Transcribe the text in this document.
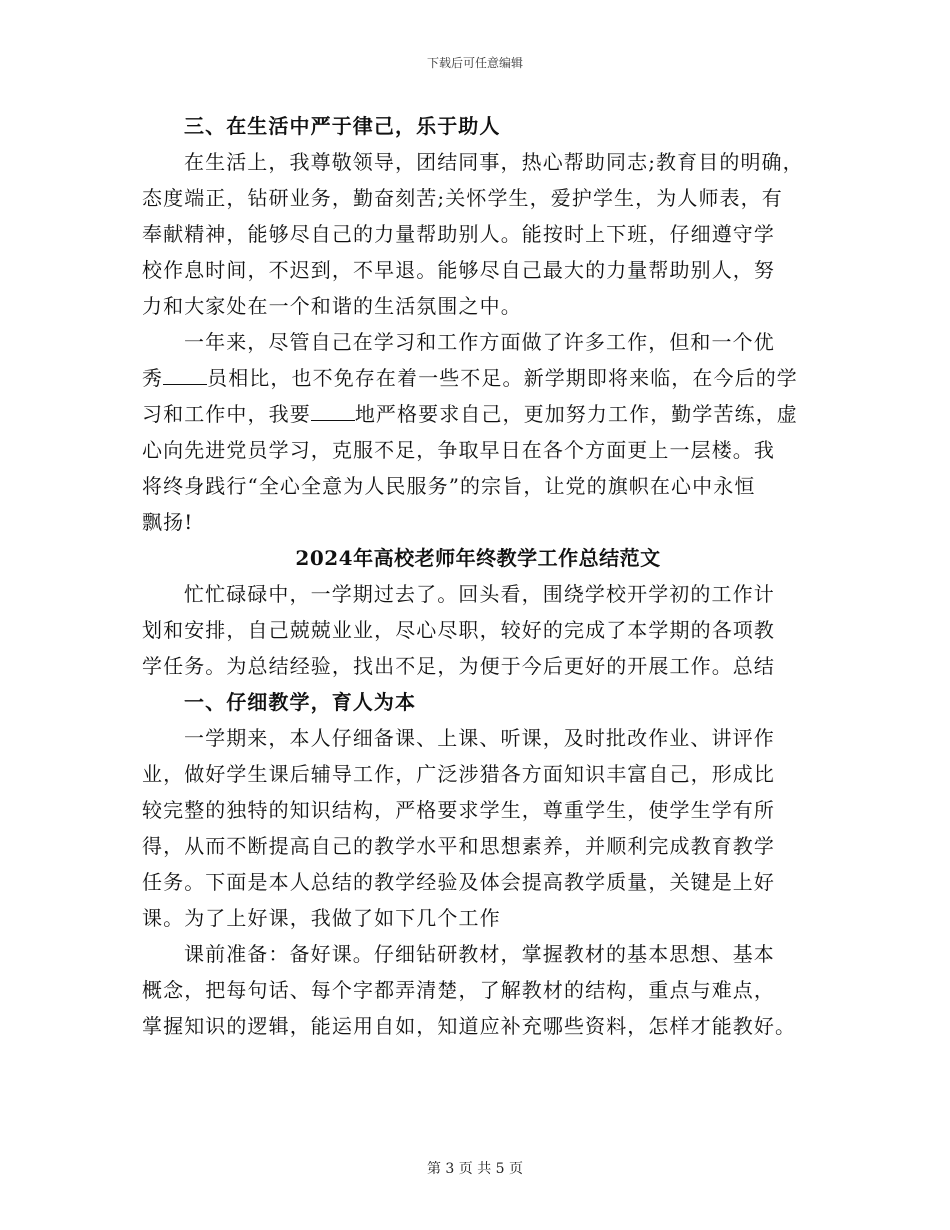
下载后可任意编辑
三、在生活中严于律己，乐于助人
在生活上，我尊敬领导，团结同事，热心帮助同志;教育目的明确，
态度端正，钻研业务，勤奋刻苦;关怀学生，爱护学生，为人师表，有
奉献精神，能够尽自己的力量帮助别人。能按时上下班，仔细遵守学
校作息时间，不迟到，不早退。能够尽自己最大的力量帮助别人，努
力和大家处在一个和谐的生活氛围之中。
一年来，尽管自己在学习和工作方面做了许多工作，但和一个优
秀 员相比，也不免存在着一些不足。新学期即将来临，在今后的学
习和工作中，我要 地严格要求自己，更加努力工作，勤学苦练，虚
心向先进党员学习，克服不足，争取早日在各个方面更上一层楼。我
将终身践行“全心全意为人民服务”的宗旨，让党的旗帜在心中永恒
飘扬!
2024年高校老师年终教学工作总结范文
忙忙碌碌中，一学期过去了。回头看，围绕学校开学初的工作计
划和安排，自己兢兢业业，尽心尽职，较好的完成了本学期的各项教
学任务。为总结经验，找出不足，为便于今后更好的开展工作。总结
一、仔细教学，育人为本
一学期来，本人仔细备课、上课、听课，及时批改作业、讲评作
业，做好学生课后辅导工作，广泛涉猎各方面知识丰富自己，形成比
较完整的独特的知识结构，严格要求学生，尊重学生，使学生学有所
得，从而不断提高自己的教学水平和思想素养，并顺利完成教育教学
任务。下面是本人总结的教学经验及体会提高教学质量，关键是上好
课。为了上好课，我做了如下几个工作
课前准备：备好课。仔细钻研教材，掌握教材的基本思想、基本
概念，把每句话、每个字都弄清楚，了解教材的结构，重点与难点，
掌握知识的逻辑，能运用自如，知道应补充哪些资料，怎样才能教好。
第 3 页 共 5 页
